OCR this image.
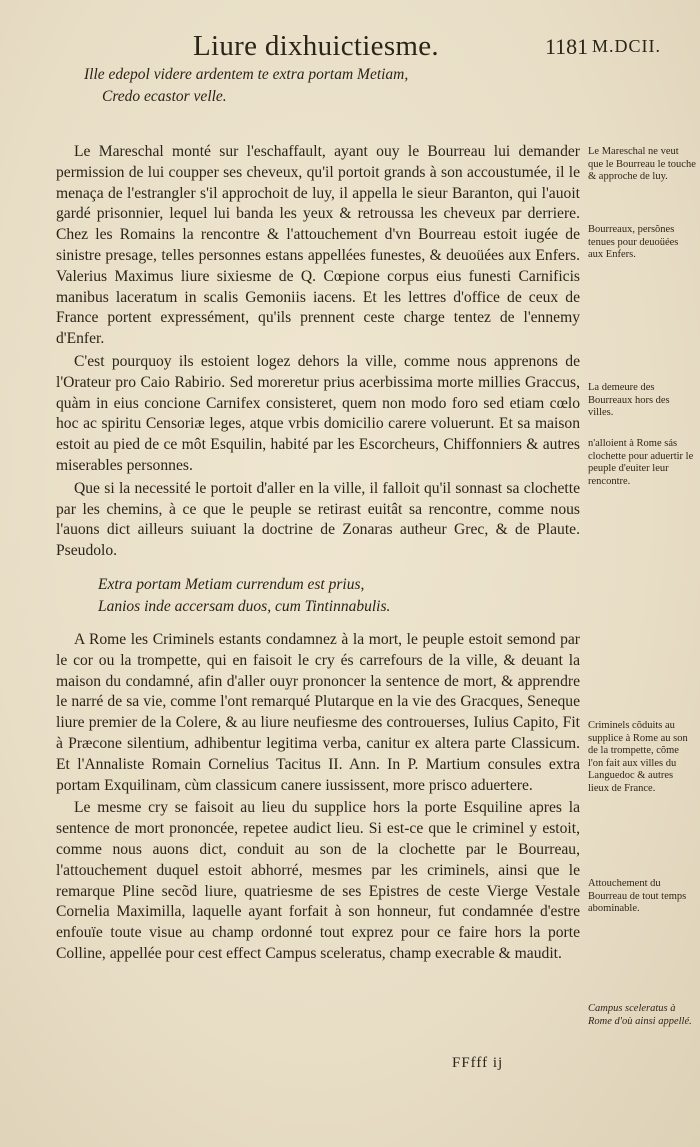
Liure dixhuictiesme.	1181 M.DCII.
Ille edepol videre ardentem te extra portam Metiam,
Credo ecastor velle.

Le Mareschal monté sur l'eschaffault, ayant ouy le Bourreau lui demander permission de lui coupper ses cheveux, qu'il portoit grands à son accoustumée, il le menaça de l'estrangler s'il approchoit de luy, il appella le sieur Baranton, qui l'auoit gardé prisonnier, lequel lui banda les yeux & retroussa les cheveux par derriere. Chez les Romains la rencontre & l'attouchement d'vn Bourreau estoit iugée de sinistre presage, telles personnes estans appellées funestes, & deuoüées aux Enfers. Valerius Maximus liure sixiesme de Q. Cœpione corpus eius funesti Carnificis manibus laceratum in scalis Gemoniis iacens. Et les lettres d'office de ceux de France portent expressément, qu'ils prennent ceste charge tentez de l'ennemy d'Enfer.

C'est pourquoy ils estoient logez dehors la ville, comme nous apprenons de l'Orateur pro Caio Rabirio. Sed moreretur prius acerbissima morte millies Graccus, quàm in eius concione Carnifex consisteret, quem non modo foro sed etiam cœlo hoc ac spiritu Censoriæ leges, atque vrbis domicilio carere voluerunt. Et sa maison estoit au pied de ce môt Esquilin, habité par les Escorcheurs, Chiffonniers & autres miserables personnes.

Que si la necessité le portoit d'aller en la ville, il falloit qu'il sonnast sa clochette par les chemins, à ce que le peuple se retirast euitât sa rencontre, comme nous l'auons dict ailleurs suiuant la doctrine de Zonaras autheur Grec, & de Plaute. Pseudolo.

Extra portam Metiam currendum est prius,
Lanios inde accersam duos, cum Tintinnabulis.

A Rome les Criminels estants condamnez à la mort, le peuple estoit semond par le cor ou la trompette, qui en faisoit le cry és carrefours de la ville, & deuant la maison du condamné, afin d'aller ouyr prononcer la sentence de mort, & apprendre le narré de sa vie, comme l'ont remarqué Plutarque en la vie des Gracques, Seneque liure premier de la Colere, & au liure neufiesme des controuerses, Iulius Capito, Fit à Præcone silentium, adhibentur legitima verba, canitur ex altera parte Classicum. Et l'Annaliste Romain Cornelius Tacitus II. Ann. In P. Martium consules extra portam Exquilinam, cùm classicum canere iussissent, more prisco aduertere.

Le mesme cry se faisoit au lieu du supplice hors la porte Esquiline apres la sentence de mort prononcée, repetee audict lieu. Si est-ce que le criminel y estoit, comme nous auons dict, conduit au son de la clochette par le Bourreau, l'attouchement duquel estoit abhorré, mesmes par les criminels, ainsi que le remarque Pline secõd liure, quatriesme de ses Epistres de ceste Vierge Vestale Cornelia Maximilla, laquelle ayant forfait à son honneur, fut condamnée d'estre enfouïe toute visue au champ ordonné tout exprez pour ce faire hors la porte Colline, appellée pour cest effect Campus sceleratus, champ execrable & maudit.

Le Mareschal ne veut que le Bourreau le touche & approche de luy.
Bourreaux, persõnes tenues pour deuoüées aux Enfers.
La demeure des Bourreaux hors des villes.
n'alloient à Rome sás clochette pour aduertir le peuple d'euiter leur rencontre.
Criminels cõduits au supplice à Rome au son de la trompette, cõme l'on fait aux villes du Languedoc & autres lieux de France.
Attouchement du Bourreau de tout temps abominable.
Campus sceleratus à Rome d'où ainsi appellé.
FFfff ij
